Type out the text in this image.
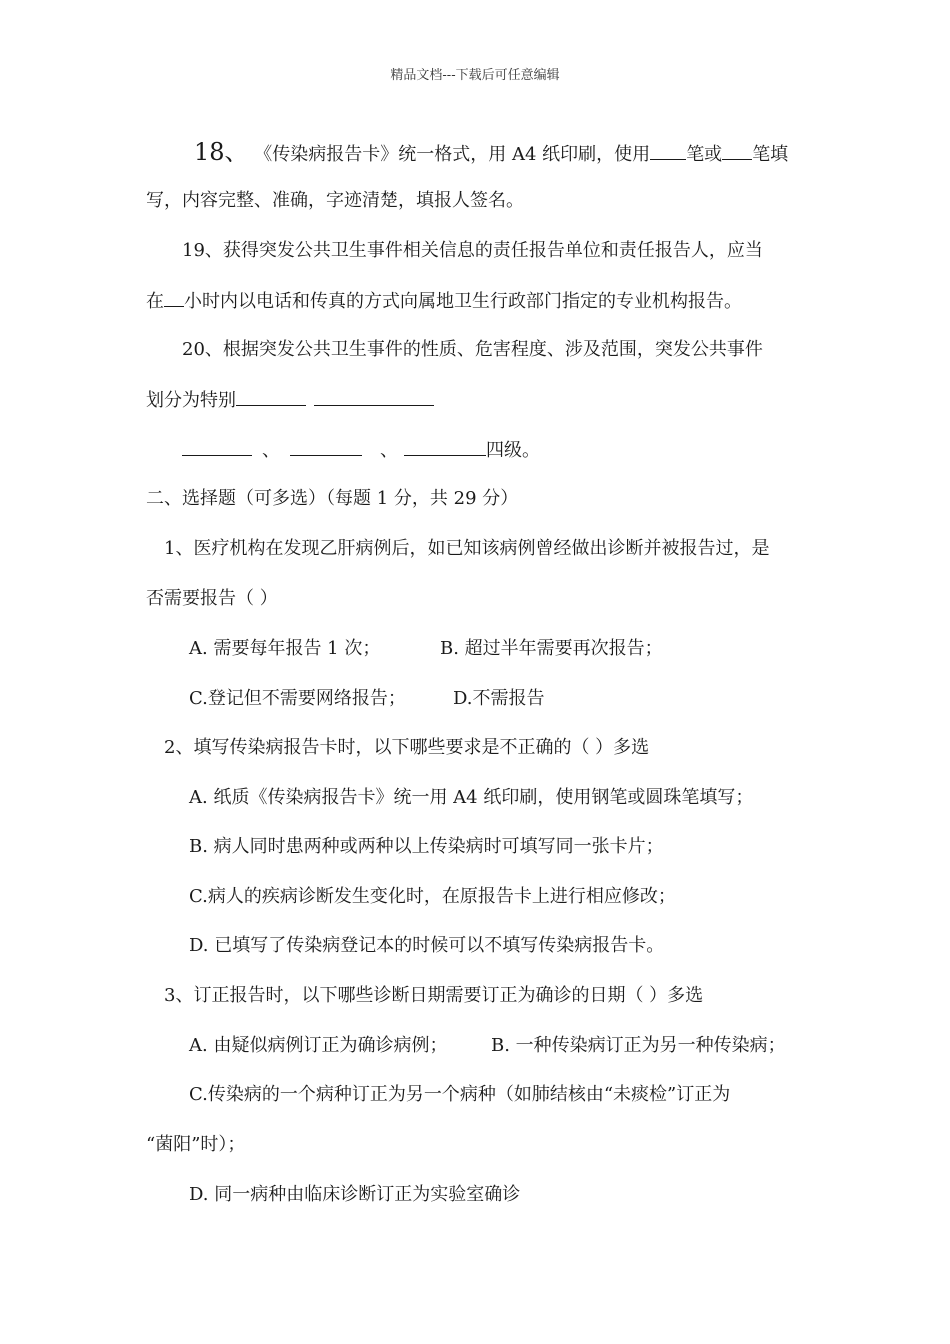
精品文档---下载后可任意编辑
18、 《传染病报告卡》统一格式，用 A4 纸印刷，使用 笔或 笔填
写，内容完整、准确，字迹清楚，填报人签名。
19、获得突发公共卫生事件相关信息的责任报告单位和责任报告人，应当
在 小时内以电话和传真的方式向属地卫生行政部门指定的专业机构报告。
20、根据突发公共卫生事件的性质、危害程度、涉及范围，突发公共事件
划分为特别
、	、	四级。
二、选择题（可多选）（每题 1 分，共 29 分）
1、医疗机构在发现乙肝病例后，如已知该病例曾经做出诊断并被报告过，是
否需要报告（ ）
A. 需要每年报告 1 次；	B. 超过半年需要再次报告；
C.登记但不需要网络报告；	D.不需报告
2、填写传染病报告卡时，以下哪些要求是不正确的（ ）多选
A. 纸质《传染病报告卡》统一用 A4 纸印刷，使用钢笔或圆珠笔填写；
B. 病人同时患两种或两种以上传染病时可填写同一张卡片；
C.病人的疾病诊断发生变化时，在原报告卡上进行相应修改；
D. 已填写了传染病登记本的时候可以不填写传染病报告卡。
3、订正报告时，以下哪些诊断日期需要订正为确诊的日期（ ）多选
A. 由疑似病例订正为确诊病例； B. 一种传染病订正为另一种传染病；
C.传染病的一个病种订正为另一个病种（如肺结核由“未痰检”订正为
“菌阳”时）；
D. 同一病种由临床诊断订正为实验室确诊
